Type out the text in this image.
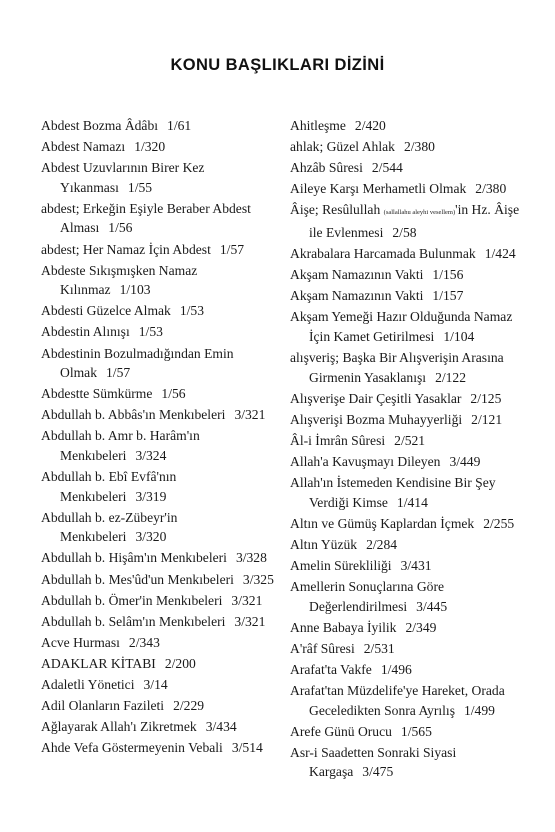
KONU BAŞLIKLARI DİZİNİ
Abdest Bozma Âdâbı 1/61
Abdest Namazı 1/320
Abdest Uzuvlarının Birer Kez Yıkanması 1/55
abdest; Erkeğin Eşiyle Beraber Abdest Alması 1/56
abdest; Her Namaz İçin Abdest 1/57
Abdeste Sıkışmışken Namaz Kılınmaz 1/103
Abdesti Güzelce Almak 1/53
Abdestin Alınışı 1/53
Abdestinin Bozulmadığından Emin Olmak 1/57
Abdestte Sümkürme 1/56
Abdullah b. Abbâs'ın Menkıbeleri 3/321
Abdullah b. Amr b. Harâm'ın Menkıbeleri 3/324
Abdullah b. Ebî Evfâ'nın Menkıbeleri 3/319
Abdullah b. ez-Zübeyr'in Menkıbeleri 3/320
Abdullah b. Hişâm'ın Menkıbeleri 3/328
Abdullah b. Mes'ûd'un Menkıbeleri 3/325
Abdullah b. Ömer'in Menkıbeleri 3/321
Abdullah b. Selâm'ın Menkıbeleri 3/321
Acve Hurması 2/343
ADAKLAR KİTABI 2/200
Adaletli Yönetici 3/14
Adil Olanların Fazileti 2/229
Ağlayarak Allah'ı Zikretmek 3/434
Ahde Vefa Göstermeyenin Vebali 3/514
Ahitleşme 2/420
ahlak; Güzel Ahlak 2/380
Ahzâb Sûresi 2/544
Aileye Karşı Merhametli Olmak 2/380
Âişe; Resûlullah (sallallahu aleyhi vesellem)'in Hz. Âişe ile Evlenmesi 2/58
Akrabalara Harcamada Bulunmak 1/424
Akşam Namazının Vakti 1/156
Akşam Namazının Vakti 1/157
Akşam Yemeği Hazır Olduğunda Namaz İçin Kamet Getirilmesi 1/104
alışveriş; Başka Bir Alışverişin Arasına Girmenin Yasaklanışı 2/122
Alışverişe Dair Çeşitli Yasaklar 2/125
Alışverişi Bozma Muhayyerliği 2/121
Âl-i İmrân Sûresi 2/521
Allah'a Kavuşmayı Dileyen 3/449
Allah'ın İstemeden Kendisine Bir Şey Verdiği Kimse 1/414
Altın ve Gümüş Kaplardan İçmek 2/255
Altın Yüzük 2/284
Amelin Sürekliliği 3/431
Amellerin Sonuçlarına Göre Değerlendirilmesi 3/445
Anne Babaya İyilik 2/349
A'râf Sûresi 2/531
Arafat'ta Vakfe 1/496
Arafat'tan Müzdelife'ye Hareket, Orada Geceledikten Sonra Ayrılış 1/499
Arefe Günü Orucu 1/565
Asr-i Saadetten Sonraki Siyasi Kargaşa 3/475
